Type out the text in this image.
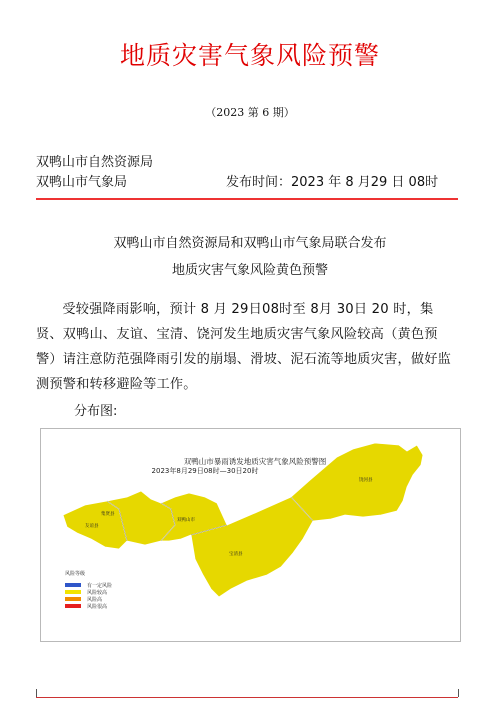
地质灾害气象风险预警
（2023 第 6 期）
双鸭山市自然资源局
双鸭山市气象局	发布时间：2023 年 8 月29 日 08时
双鸭山市自然资源局和双鸭山市气象局联合发布
地质灾害气象风险黄色预警
受较强降雨影响，预计 8 月 29日08时至 8月 30日 20 时，集贤、双鸭山、友谊、宝清、饶河发生地质灾害气象风险较高（黄色预警）请注意防范强降雨引发的崩塌、滑坡、泥石流等地质灾害，做好监测预警和转移避险等工作。
分布图:
双鸭山市暴雨诱发地质灾害气象风险预警图
2023年8月29日08时—30日20时
集贤县
友谊县
双鸭山市
宝清县
饶河县
风险等级
有一定风险
风险较高
风险高
风险很高
